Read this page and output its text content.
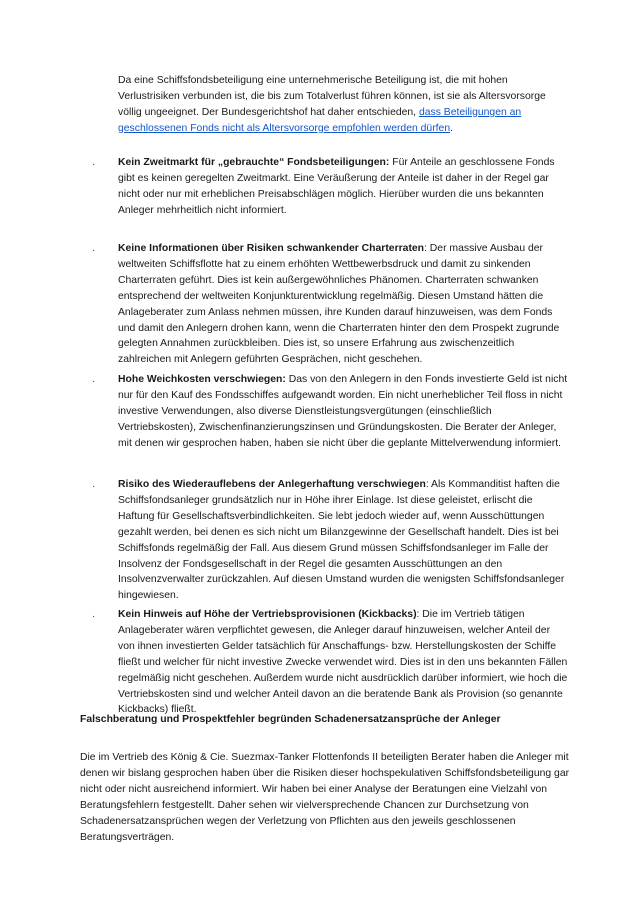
Da eine Schiffsfondsbeteiligung eine unternehmerische Beteiligung ist, die mit hohen Verlustrisiken verbunden ist, die bis zum Totalverlust führen können, ist sie als Altersvorsorge völlig ungeeignet. Der Bundesgerichtshof hat daher entschieden, dass Beteiligungen an geschlossenen Fonds nicht als Altersvorsorge empfohlen werden dürfen.

· Kein Zweitmarkt für „gebrauchte“ Fondsbeteiligungen: Für Anteile an geschlossene Fonds gibt es keinen geregelten Zweitmarkt. Eine Veräußerung der Anteile ist daher in der Regel gar nicht oder nur mit erheblichen Preisabschlägen möglich. Hierüber wurden die uns bekannten Anleger mehrheitlich nicht informiert.

· Keine Informationen über Risiken schwankender Charterraten: Der massive Ausbau der weltweiten Schiffsflotte hat zu einem erhöhten Wettbewerbsdruck und damit zu sinkenden Charterraten geführt. Dies ist kein außergewöhnliches Phänomen. Charterraten schwanken entsprechend der weltweiten Konjunkturentwicklung regelmäßig. Diesen Umstand hätten die Anlageberater zum Anlass nehmen müssen, ihre Kunden darauf hinzuweisen, was dem Fonds und damit den Anlegern drohen kann, wenn die Charterraten hinter den dem Prospekt zugrunde gelegten Annahmen zurückbleiben. Dies ist, so unsere Erfahrung aus zwischenzeitlich zahlreichen mit Anlegern geführten Gesprächen, nicht geschehen.

· Hohe Weichkosten verschwiegen: Das von den Anlegern in den Fonds investierte Geld ist nicht nur für den Kauf des Fondsschiffes aufgewandt worden. Ein nicht unerheblicher Teil floss in nicht investive Verwendungen, also diverse Dienstleistungsvergütungen (einschließlich Vertriebskosten), Zwischenfinanzierungszinsen und Gründungskosten. Die Berater der Anleger, mit denen wir gesprochen haben, haben sie nicht über die geplante Mittelverwendung informiert.

· Risiko des Wiederauflebens der Anlegerhaftung verschwiegen: Als Kommanditist haften die Schiffsfondsanleger grundsätzlich nur in Höhe ihrer Einlage. Ist diese geleistet, erlischt die Haftung für Gesellschaftsverbindlichkeiten. Sie lebt jedoch wieder auf, wenn Ausschüttungen gezahlt werden, bei denen es sich nicht um Bilanzgewinne der Gesellschaft handelt. Dies ist bei Schiffsfonds regelmäßig der Fall. Aus diesem Grund müssen Schiffsfondsanleger im Falle der Insolvenz der Fondsgesellschaft in der Regel die gesamten Ausschüttungen an den Insolvenzverwalter zurückzahlen. Auf diesen Umstand wurden die wenigsten Schiffsfondsanleger hingewiesen.

· Kein Hinweis auf Höhe der Vertriebsprovisionen (Kickbacks): Die im Vertrieb tätigen Anlageberater wären verpflichtet gewesen, die Anleger darauf hinzuweisen, welcher Anteil der von ihnen investierten Gelder tatsächlich für Anschaffungs- bzw. Herstellungskosten der Schiffe fließt und welcher für nicht investive Zwecke verwendet wird. Dies ist in den uns bekannten Fällen regelmäßig nicht geschehen. Außerdem wurde nicht ausdrücklich darüber informiert, wie hoch die Vertriebskosten sind und welcher Anteil davon an die beratende Bank als Provision (so genannte Kickbacks) fließt.

Falschberatung und Prospektfehler begründen Schadenersatzansprüche der Anleger

Die im Vertrieb des König & Cie. Suezmax-Tanker Flottenfonds II beteiligten Berater haben die Anleger mit denen wir bislang gesprochen haben über die Risiken dieser hochspekulativen Schiffsfondsbeteiligung gar nicht oder nicht ausreichend informiert. Wir haben bei einer Analyse der Beratungen eine Vielzahl von Beratungsfehlern festgestellt. Daher sehen wir vielversprechende Chancen zur Durchsetzung von Schadenersatzansprüchen wegen der Verletzung von Pflichten aus den jeweils geschlossenen Beratungsverträgen.
